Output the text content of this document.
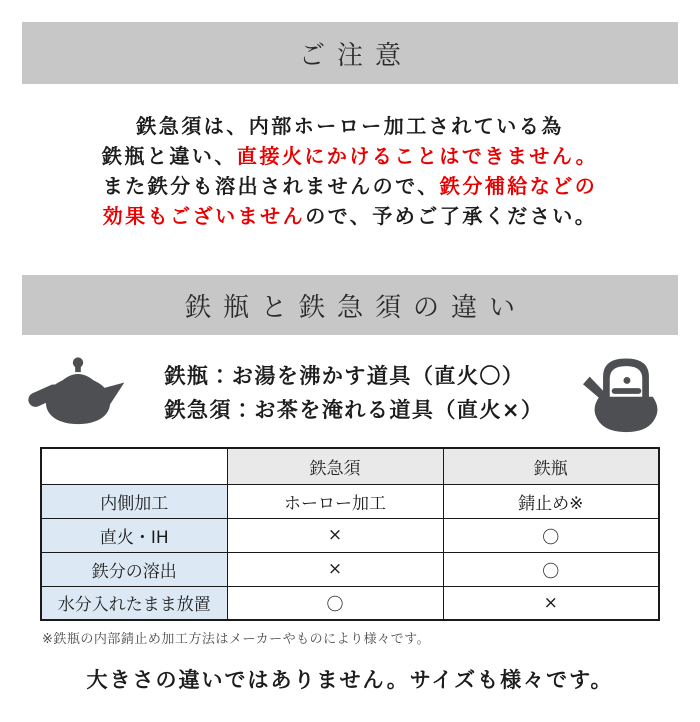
ご注意
鉄急須は、内部ホーロー加工されている為
鉄瓶と違い、直接火にかけることはできません。
また鉄分も溶出されませんので、鉄分補給などの
効果もございませんので、予めご了承ください。
鉄瓶と鉄急須の違い
鉄瓶：お湯を沸かす道具（直火〇）
鉄急須：お茶を淹れる道具（直火×）
	鉄急須	鉄瓶
内側加工	ホーロー加工	錆止め※
直火・IH	×	〇
鉄分の溶出	×	〇
水分入れたまま放置	〇	×
※鉄瓶の内部錆止め加工方法はメーカーやものにより様々です。
大きさの違いではありません。サイズも様々です。
